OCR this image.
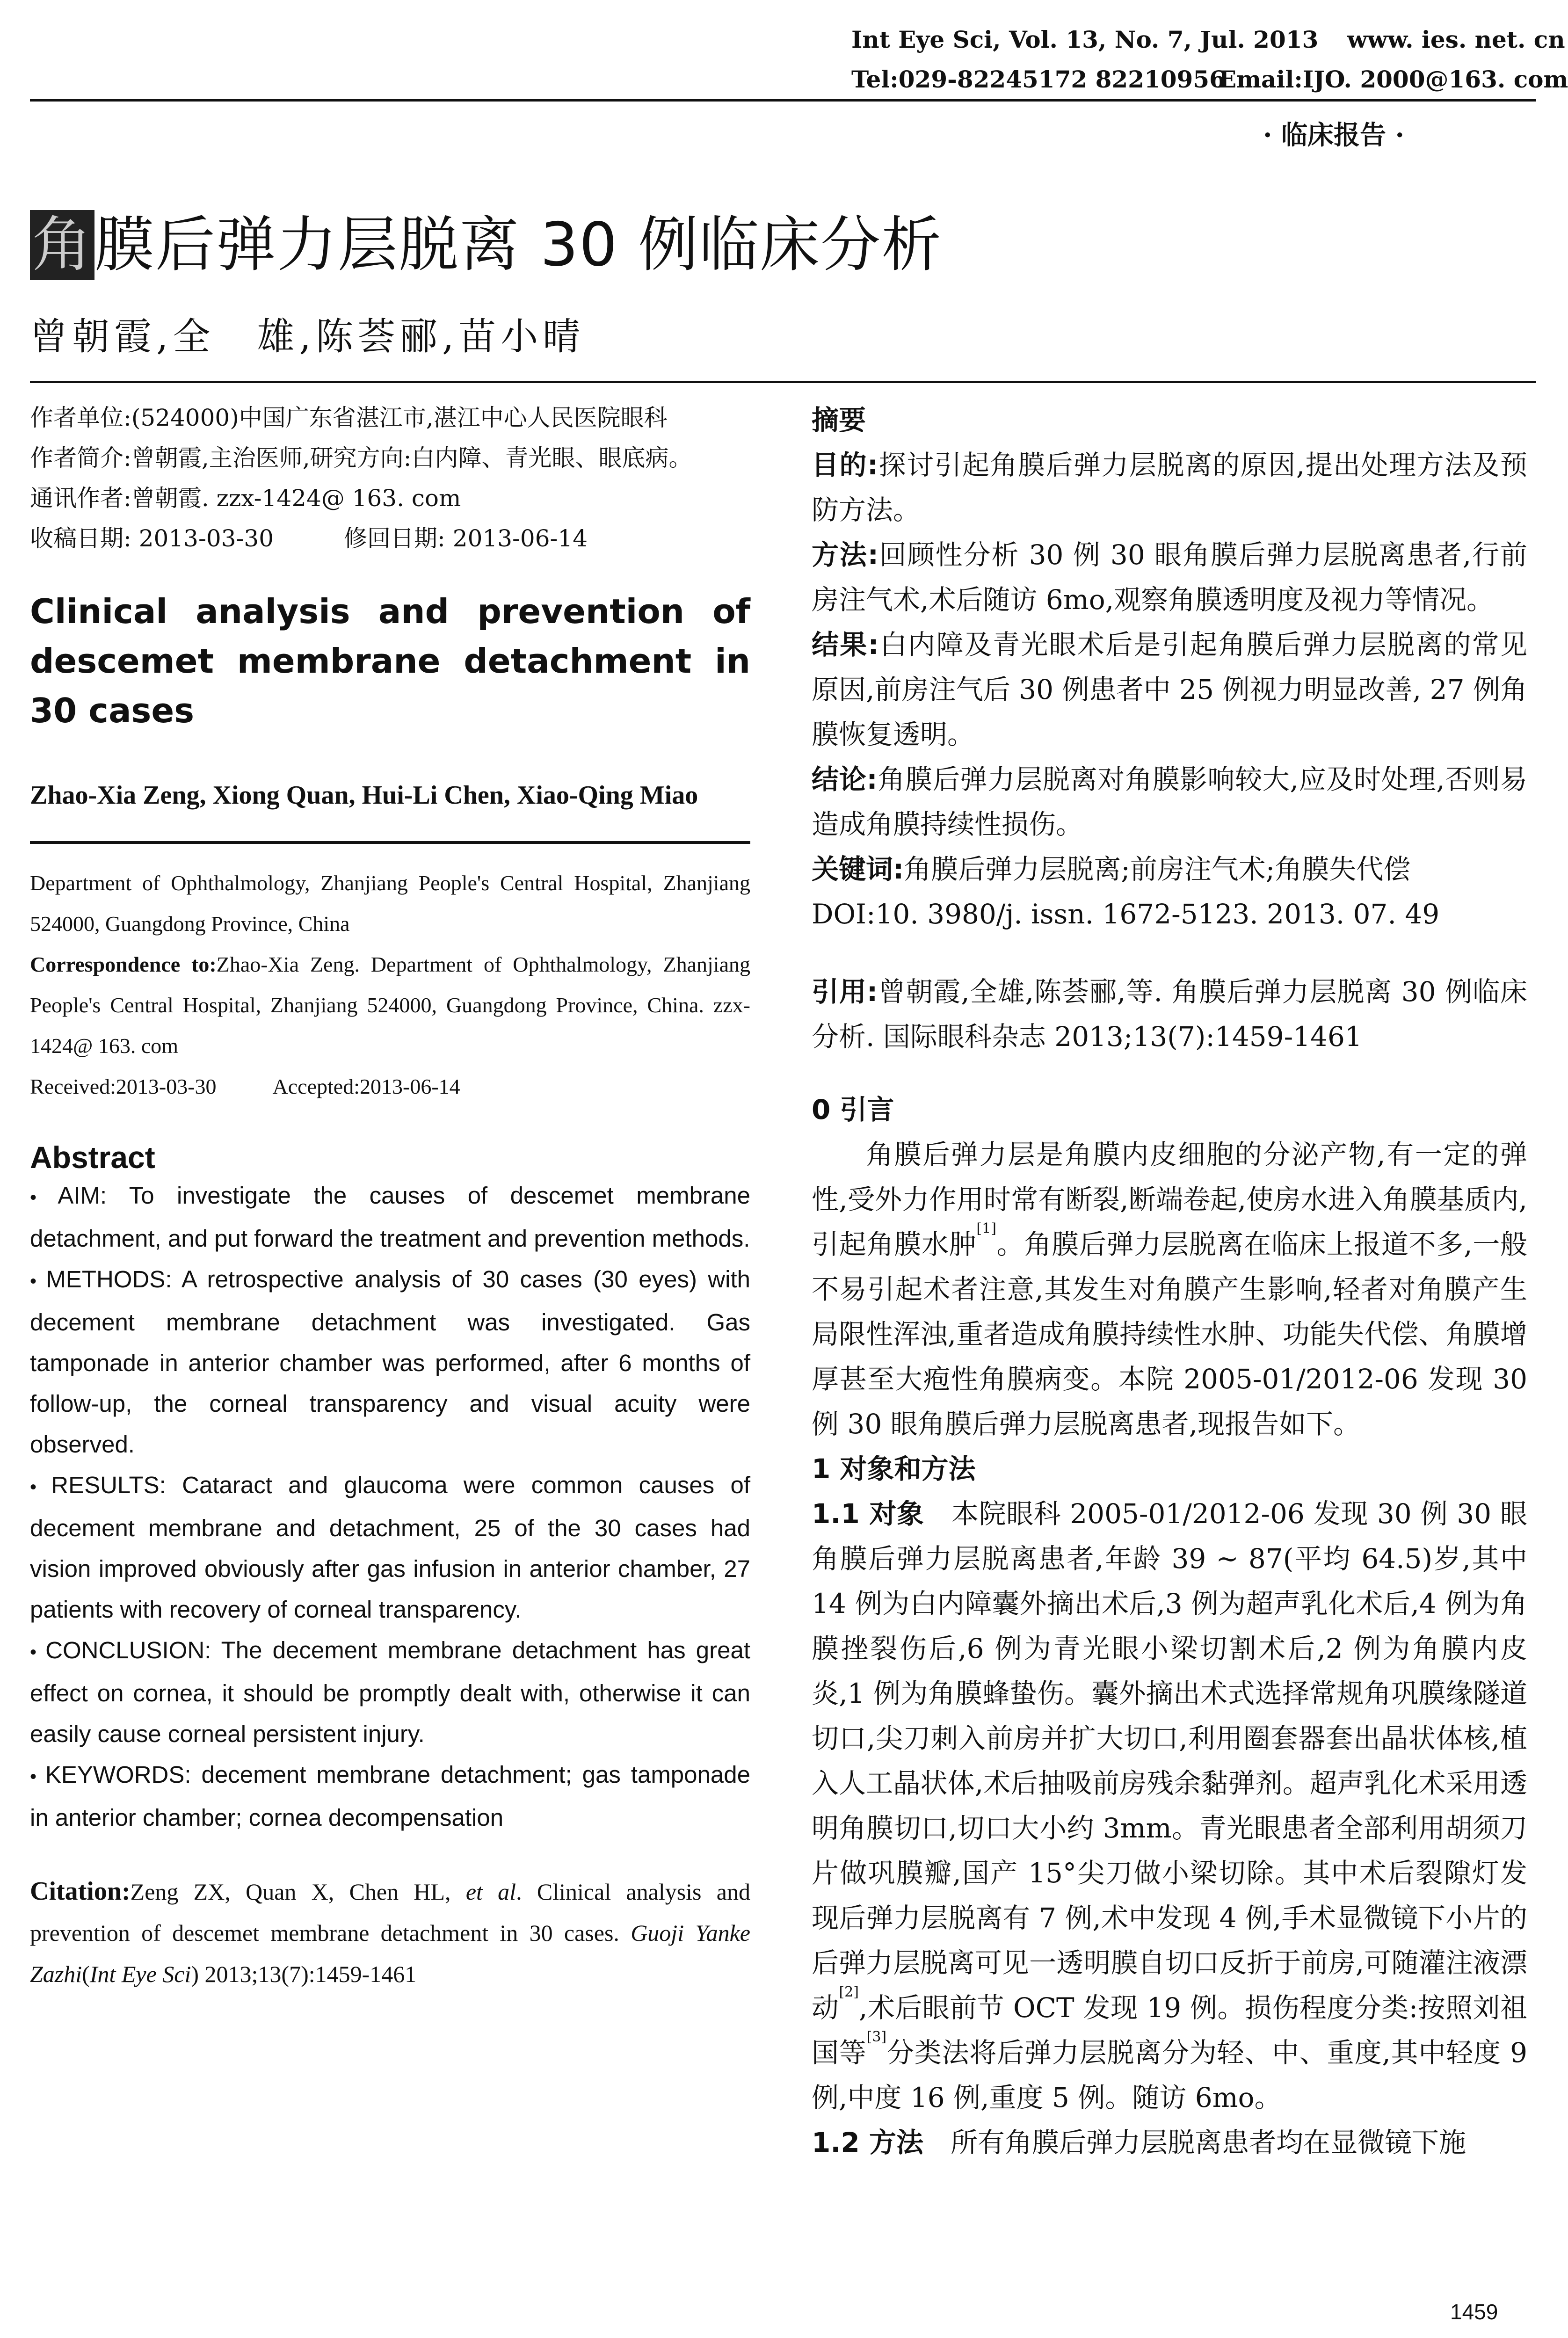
Int Eye Sci, Vol. 13, No. 7, Jul. 2013 www. ies. net. cn
Tel:029-82245172 82210956
Email:IJO. 2000@163. com
· 临床报告 ·
角膜后弹力层脱离 30 例临床分析
曾朝霞,全　雄,陈荟郦,苗小晴
作者单位:(524000)中国广东省湛江市,湛江中心人民医院眼科
作者简介:曾朝霞,主治医师,研究方向:白内障、青光眼、眼底病。
通讯作者:曾朝霞. zzx-1424@ 163. com
收稿日期: 2013-03-30	修回日期: 2013-06-14
Clinical analysis and prevention of descemet membrane detachment in 30 cases
Zhao-Xia Zeng, Xiong Quan, Hui-Li Chen, Xiao-Qing Miao
Department of Ophthalmology, Zhanjiang People's Central Hospital, Zhanjiang 524000, Guangdong Province, China
Correspondence to:Zhao-Xia Zeng. Department of Ophthalmology, Zhanjiang People's Central Hospital, Zhanjiang 524000, Guangdong Province, China. zzx-1424@ 163. com
Received:2013-03-30	Accepted:2013-06-14
Abstract
• AIM: To investigate the causes of descemet membrane detachment, and put forward the treatment and prevention methods.
• METHODS: A retrospective analysis of 30 cases (30 eyes) with decement membrane detachment was investigated. Gas tamponade in anterior chamber was performed, after 6 months of follow-up, the corneal transparency and visual acuity were observed.
• RESULTS: Cataract and glaucoma were common causes of decement membrane and detachment, 25 of the 30 cases had vision improved obviously after gas infusion in anterior chamber, 27 patients with recovery of corneal transparency.
• CONCLUSION: The decement membrane detachment has great effect on cornea, it should be promptly dealt with, otherwise it can easily cause corneal persistent injury.
• KEYWORDS: decement membrane detachment; gas tamponade in anterior chamber; cornea decompensation
Citation:Zeng ZX, Quan X, Chen HL, et al. Clinical analysis and prevention of descemet membrane detachment in 30 cases. Guoji Yanke Zazhi(Int Eye Sci) 2013;13(7):1459-1461
摘要
目的:探讨引起角膜后弹力层脱离的原因,提出处理方法及预防方法。
方法:回顾性分析 30 例 30 眼角膜后弹力层脱离患者,行前房注气术,术后随访 6mo,观察角膜透明度及视力等情况。
结果:白内障及青光眼术后是引起角膜后弹力层脱离的常见原因,前房注气后 30 例患者中 25 例视力明显改善, 27 例角膜恢复透明。
结论:角膜后弹力层脱离对角膜影响较大,应及时处理,否则易造成角膜持续性损伤。
关键词:角膜后弹力层脱离;前房注气术;角膜失代偿
DOI:10. 3980/j. issn. 1672-5123. 2013. 07. 49
引用:曾朝霞,全雄,陈荟郦,等. 角膜后弹力层脱离 30 例临床分析. 国际眼科杂志 2013;13(7):1459-1461
0 引言
角膜后弹力层是角膜内皮细胞的分泌产物,有一定的弹性,受外力作用时常有断裂,断端卷起,使房水进入角膜基质内,引起角膜水肿[1]。角膜后弹力层脱离在临床上报道不多,一般不易引起术者注意,其发生对角膜产生影响,轻者对角膜产生局限性浑浊,重者造成角膜持续性水肿、功能失代偿、角膜增厚甚至大疱性角膜病变。本院 2005-01/2012-06 发现 30 例 30 眼角膜后弹力层脱离患者,现报告如下。
1 对象和方法
1.1 对象　本院眼科 2005-01/2012-06 发现 30 例 30 眼角膜后弹力层脱离患者,年龄 39 ~ 87(平均 64.5)岁,其中 14 例为白内障囊外摘出术后,3 例为超声乳化术后,4 例为角膜挫裂伤后,6 例为青光眼小梁切割术后,2 例为角膜内皮炎,1 例为角膜蜂蛰伤。囊外摘出术式选择常规角巩膜缘隧道切口,尖刀刺入前房并扩大切口,利用圈套器套出晶状体核,植入人工晶状体,术后抽吸前房残余黏弹剂。超声乳化术采用透明角膜切口,切口大小约 3mm。青光眼患者全部利用胡须刀片做巩膜瓣,国产 15°尖刀做小梁切除。其中术后裂隙灯发现后弹力层脱离有 7 例,术中发现 4 例,手术显微镜下小片的后弹力层脱离可见一透明膜自切口反折于前房,可随灌注液漂动[2],术后眼前节 OCT 发现 19 例。损伤程度分类:按照刘祖国等[3]分类法将后弹力层脱离分为轻、中、重度,其中轻度 9 例,中度 16 例,重度 5 例。随访 6mo。
1.2 方法　所有角膜后弹力层脱离患者均在显微镜下施
1459
